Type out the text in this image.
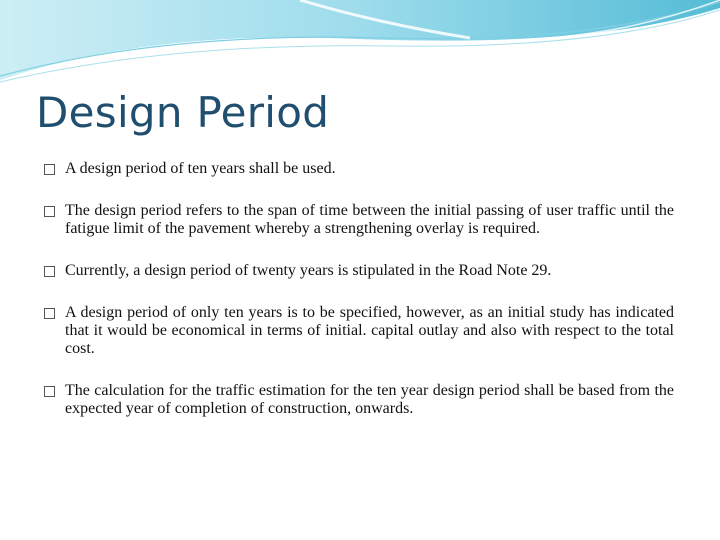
Design Period
A design period of ten years shall be used.
The design period refers to the span of time between the initial passing of user traffic until the fatigue limit of the pavement whereby a strengthening overlay is required.
Currently, a design period of twenty years is stipulated in the Road Note 29.
A design period of only ten years is to be specified, however, as an initial study has indicated that it would be economical in terms of initial. capital outlay and also with respect to the total cost.
The calculation for the traffic estimation for the ten year design period shall be based from the expected year of completion of construction, onwards.
